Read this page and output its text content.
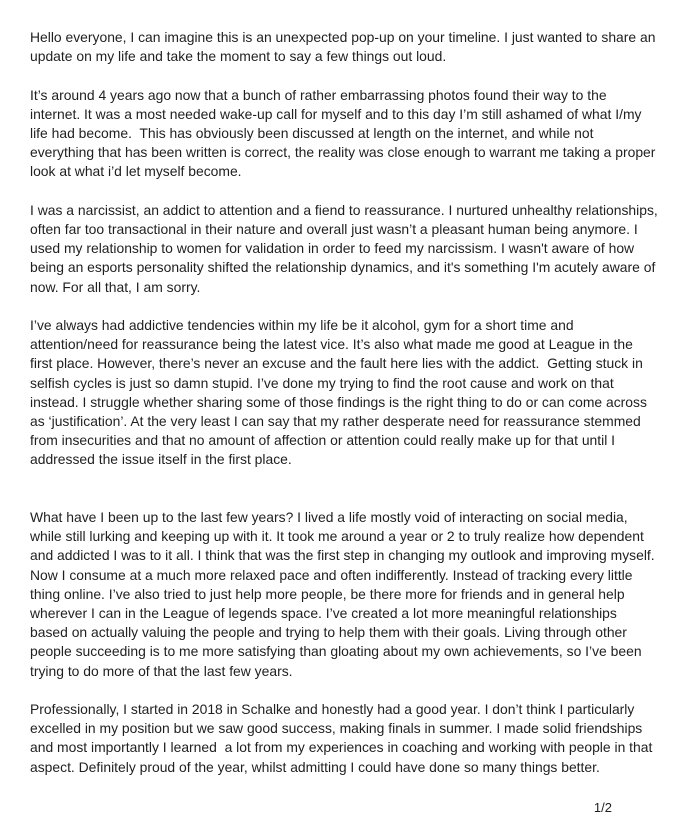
Hello everyone, I can imagine this is an unexpected pop-up on your timeline. I just wanted to share an update on my life and take the moment to say a few things out loud.

It’s around 4 years ago now that a bunch of rather embarrassing photos found their way to the internet. It was a most needed wake-up call for myself and to this day I’m still ashamed of what I/my life had become.  This has obviously been discussed at length on the internet, and while not everything that has been written is correct, the reality was close enough to warrant me taking a proper look at what i’d let myself become.

I was a narcissist, an addict to attention and a fiend to reassurance. I nurtured unhealthy relationships, often far too transactional in their nature and overall just wasn’t a pleasant human being anymore. I used my relationship to women for validation in order to feed my narcissism. I wasn't aware of how being an esports personality shifted the relationship dynamics, and it's something I'm acutely aware of now. For all that, I am sorry.

I’ve always had addictive tendencies within my life be it alcohol, gym for a short time and attention/need for reassurance being the latest vice. It’s also what made me good at League in the first place. However, there’s never an excuse and the fault here lies with the addict.  Getting stuck in selfish cycles is just so damn stupid. I’ve done my trying to find the root cause and work on that instead. I struggle whether sharing some of those findings is the right thing to do or can come across as ‘justification’. At the very least I can say that my rather desperate need for reassurance stemmed from insecurities and that no amount of affection or attention could really make up for that until I addressed the issue itself in the first place.

What have I been up to the last few years? I lived a life mostly void of interacting on social media, while still lurking and keeping up with it. It took me around a year or 2 to truly realize how dependent and addicted I was to it all. I think that was the first step in changing my outlook and improving myself. Now I consume at a much more relaxed pace and often indifferently. Instead of tracking every little thing online. I’ve also tried to just help more people, be there more for friends and in general help wherever I can in the League of legends space. I’ve created a lot more meaningful relationships based on actually valuing the people and trying to help them with their goals. Living through other people succeeding is to me more satisfying than gloating about my own achievements, so I’ve been trying to do more of that the last few years.

Professionally, I started in 2018 in Schalke and honestly had a good year. I don’t think I particularly excelled in my position but we saw good success, making finals in summer. I made solid friendships and most importantly I learned  a lot from my experiences in coaching and working with people in that aspect. Definitely proud of the year, whilst admitting I could have done so many things better.

1/2
